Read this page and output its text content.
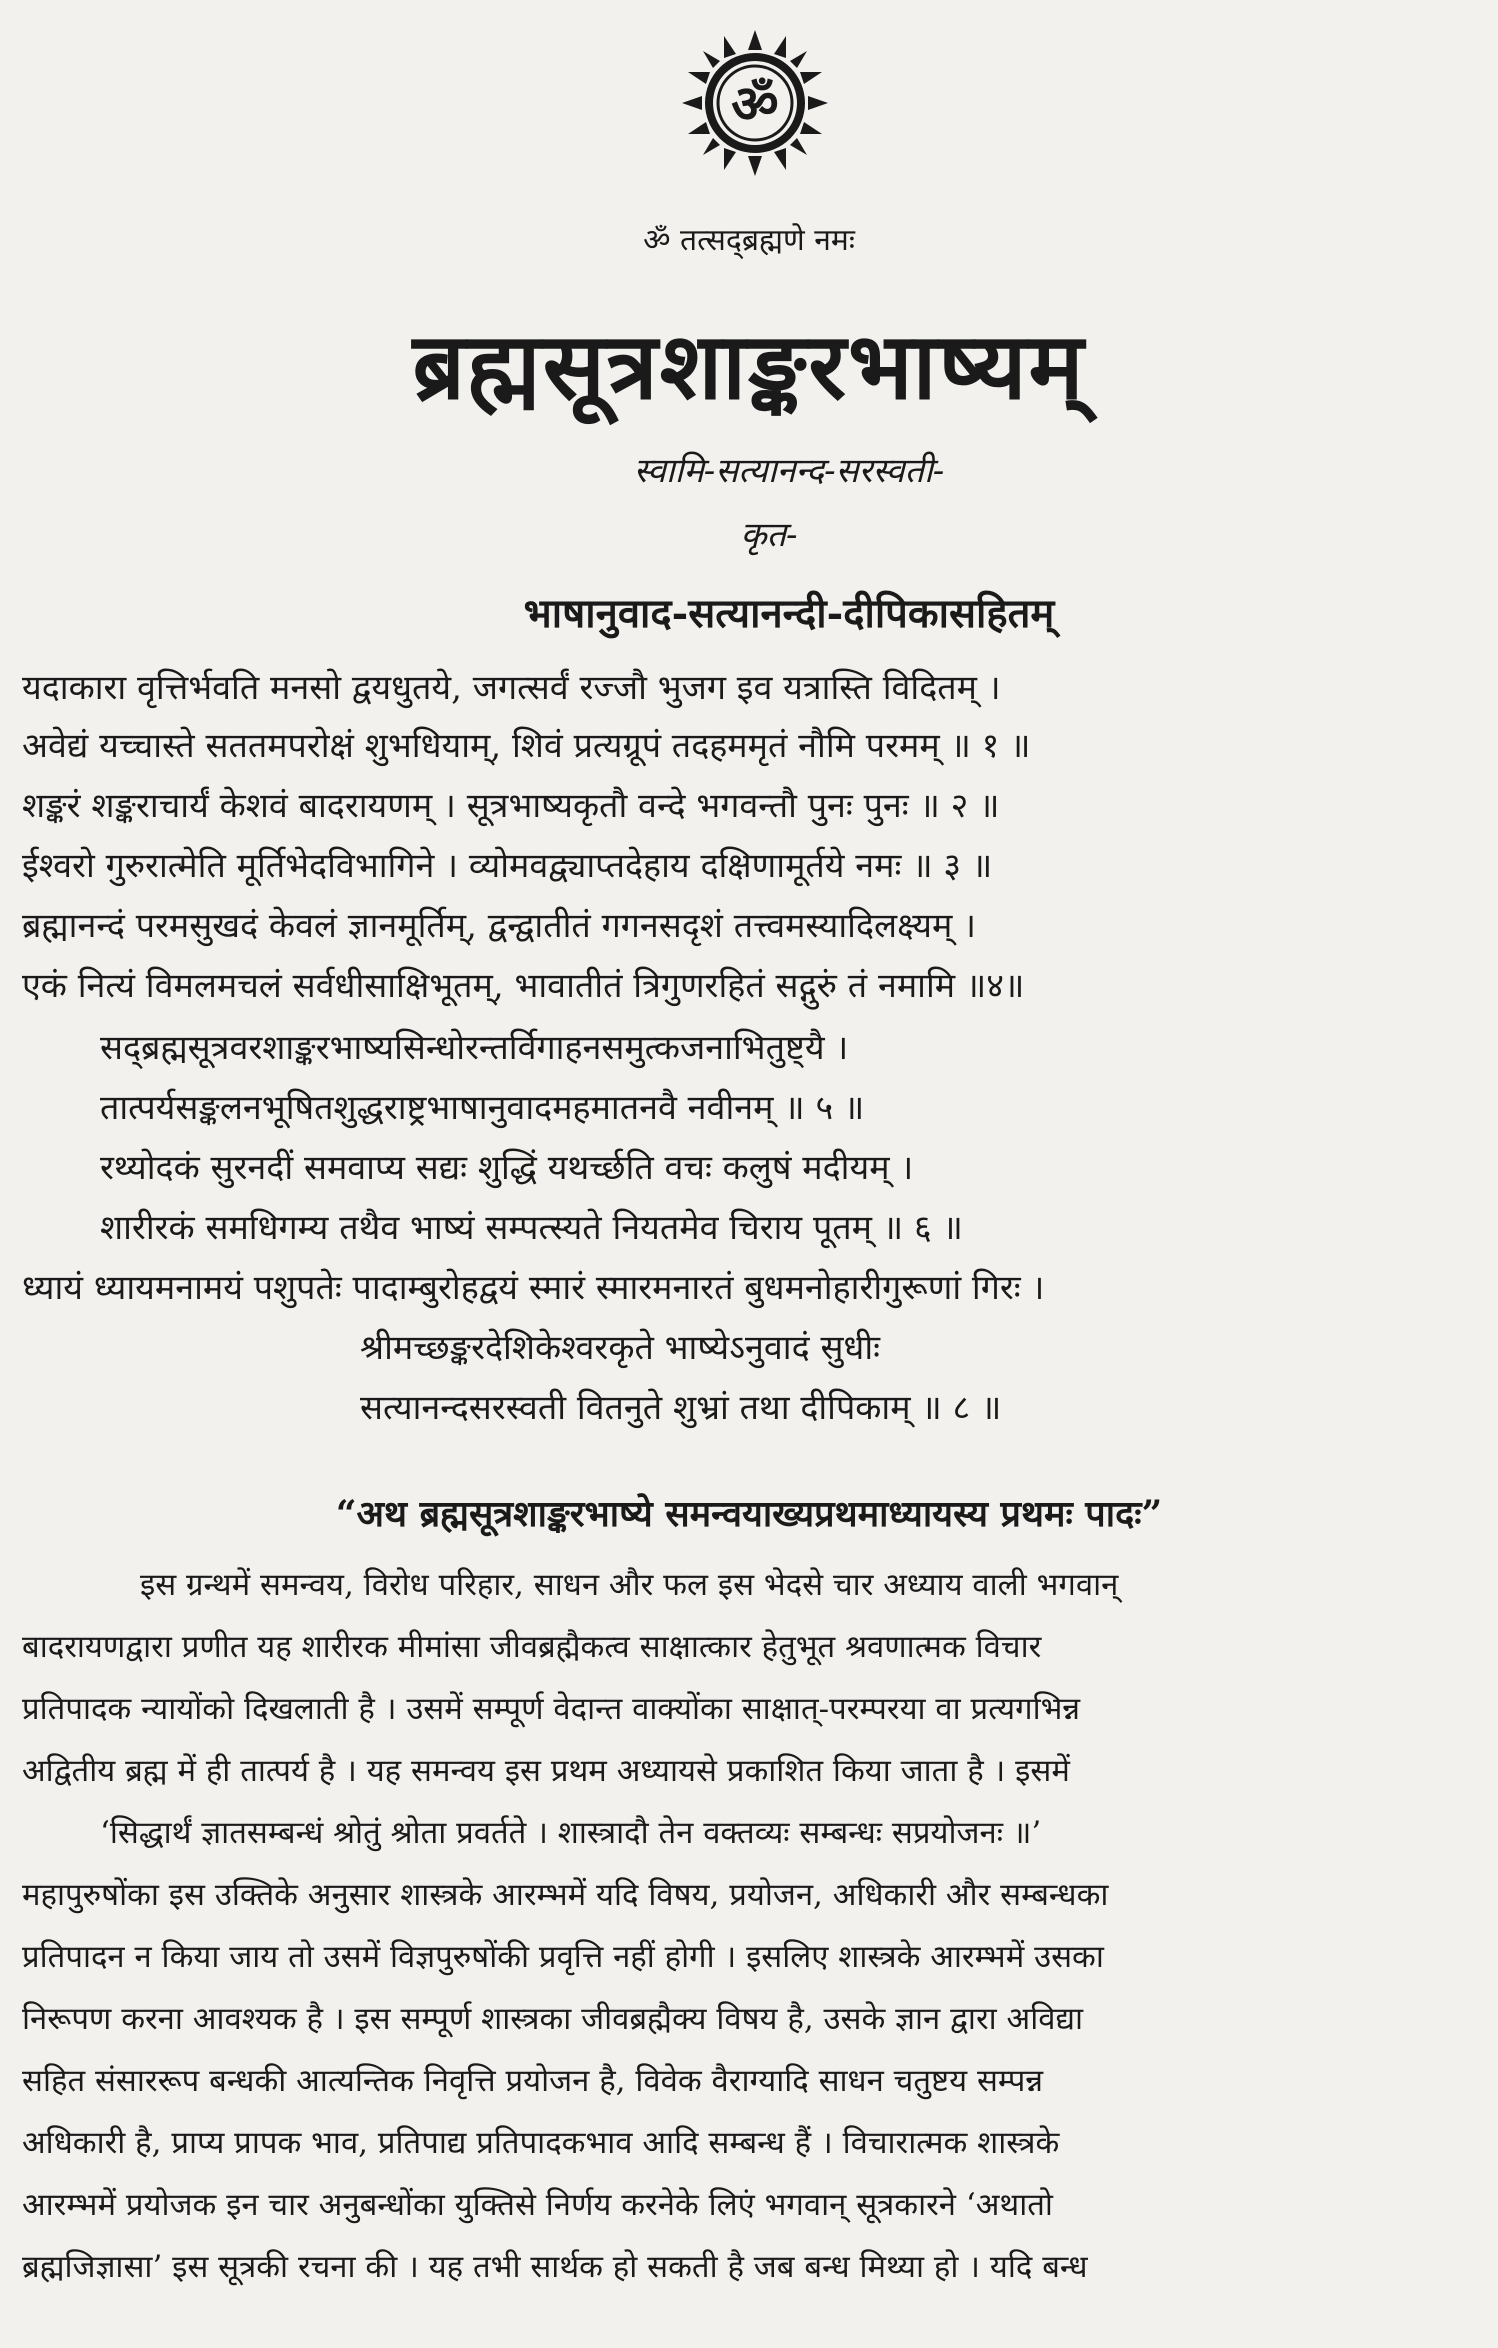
ॐ
ॐ तत्सद्ब्रह्मणे नमः
ब्रह्मसूत्रशाङ्करभाष्यम्
स्वामि-सत्यानन्द-सरस्वती-
कृत-
भाषानुवाद-सत्यानन्दी-दीपिकासहितम्
यदाकारा वृत्तिर्भवति मनसो द्वयधुतये, जगत्सर्वं रज्जौ भुजग इव यत्रास्ति विदितम् ।
अवेद्यं यच्चास्ते सततमपरोक्षं शुभधियाम्, शिवं प्रत्यग्रूपं तदहममृतं नौमि परमम् ॥ १ ॥
शङ्करं शङ्कराचार्यं केशवं बादरायणम् । सूत्रभाष्यकृतौ वन्दे भगवन्तौ पुनः पुनः ॥ २ ॥
ईश्वरो गुरुरात्मेति मूर्तिभेदविभागिने । व्योमवद्व्याप्तदेहाय दक्षिणामूर्तये नमः ॥ ३ ॥
ब्रह्मानन्दं परमसुखदं केवलं ज्ञानमूर्तिम्, द्वन्द्वातीतं गगनसदृशं तत्त्वमस्यादिलक्ष्यम् ।
एकं नित्यं विमलमचलं सर्वधीसाक्षिभूतम्, भावातीतं त्रिगुणरहितं सद्गुरुं तं नमामि ॥४॥
सद्ब्रह्मसूत्रवरशाङ्करभाष्यसिन्धोरन्तर्विगाहनसमुत्कजनाभितुष्ट्यै ।
तात्पर्यसङ्कलनभूषितशुद्धराष्ट्रभाषानुवादमहमातनवै नवीनम् ॥ ५ ॥
रथ्योदकं सुरनदीं समवाप्य सद्यः शुद्धिं यथर्च्छति वचः कलुषं मदीयम् ।
शारीरकं समधिगम्य तथैव भाष्यं सम्पत्स्यते नियतमेव चिराय पूतम् ॥ ६ ॥
ध्यायं ध्यायमनामयं पशुपतेः पादाम्बुरोहद्वयं स्मारं स्मारमनारतं बुधमनोहारीगुरूणां गिरः ।
श्रीमच्छङ्करदेशिकेश्वरकृते भाष्येऽनुवादं सुधीः
सत्यानन्दसरस्वती वितनुते शुभ्रां तथा दीपिकाम् ॥ ८ ॥
“अथ ब्रह्मसूत्रशाङ्करभाष्ये समन्वयाख्यप्रथमाध्यायस्य प्रथमः पादः”
इस ग्रन्थमें समन्वय, विरोध परिहार, साधन और फल इस भेदसे चार अध्याय वाली भगवान्
बादरायणद्वारा प्रणीत यह शारीरक मीमांसा जीवब्रह्मैकत्व साक्षात्कार हेतुभूत श्रवणात्मक विचार
प्रतिपादक न्यायोंको दिखलाती है । उसमें सम्पूर्ण वेदान्त वाक्योंका साक्षात्-परम्परया वा प्रत्यगभिन्न
अद्वितीय ब्रह्म में ही तात्पर्य है । यह समन्वय इस प्रथम अध्यायसे प्रकाशित किया जाता है । इसमें
‘सिद्धार्थं ज्ञातसम्बन्धं श्रोतुं श्रोता प्रवर्तते । शास्त्रादौ तेन वक्तव्यः सम्बन्धः सप्रयोजनः ॥’
महापुरुषोंका इस उक्तिके अनुसार शास्त्रके आरम्भमें यदि विषय, प्रयोजन, अधिकारी और सम्बन्धका
प्रतिपादन न किया जाय तो उसमें विज्ञपुरुषोंकी प्रवृत्ति नहीं होगी । इसलिए शास्त्रके आरम्भमें उसका
निरूपण करना आवश्यक है । इस सम्पूर्ण शास्त्रका जीवब्रह्मैक्य विषय है, उसके ज्ञान द्वारा अविद्या
सहित संसाररूप बन्धकी आत्यन्तिक निवृत्ति प्रयोजन है, विवेक वैराग्यादि साधन चतुष्टय सम्पन्न
अधिकारी है, प्राप्य प्रापक भाव, प्रतिपाद्य प्रतिपादकभाव आदि सम्बन्ध हैं । विचारात्मक शास्त्रके
आरम्भमें प्रयोजक इन चार अनुबन्धोंका युक्तिसे निर्णय करनेके लिएं भगवान् सूत्रकारने ‘अथातो
ब्रह्मजिज्ञासा’ इस सूत्रकी रचना की । यह तभी सार्थक हो सकती है जब बन्ध मिथ्या हो । यदि बन्ध
